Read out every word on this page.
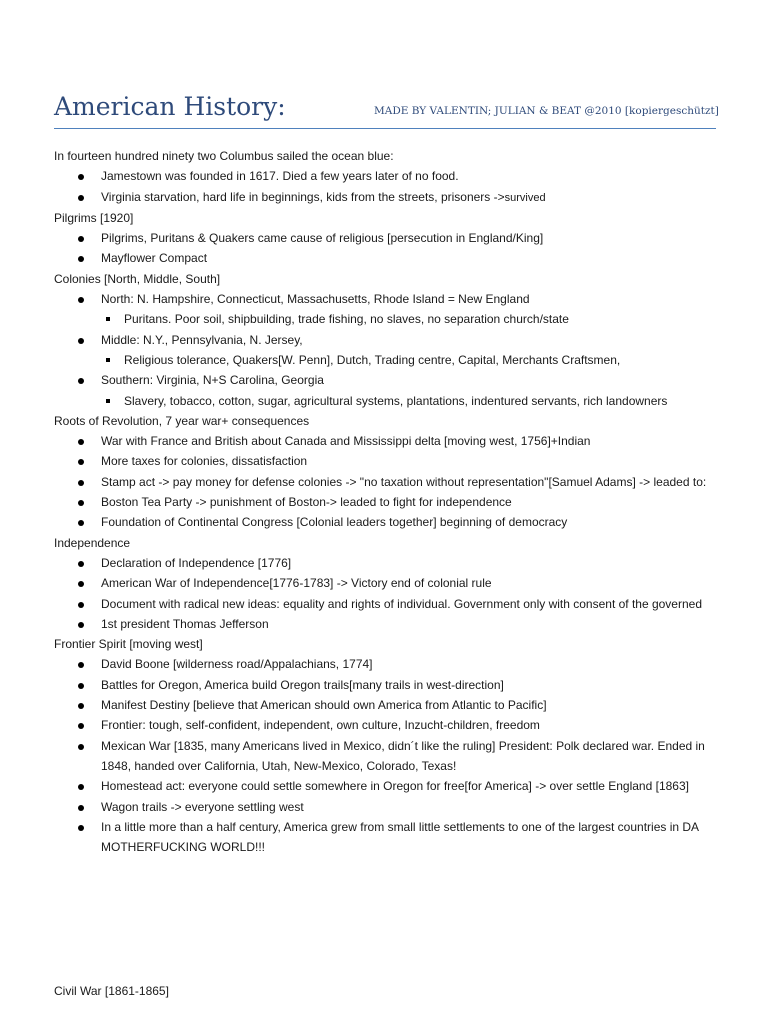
American History:	MADE BY VALENTIN; JULIAN & BEAT @2010 [kopiergeschützt]

In fourteen hundred ninety two Columbus sailed the ocean blue:

Jamestown was founded in 1617. Died a few years later of no food.
Virginia starvation, hard life in beginnings, kids from the streets, prisoners ->survived

Pilgrims [1920]

Pilgrims, Puritans & Quakers came cause of religious [persecution in England/King]
Mayflower Compact

Colonies [North, Middle, South]

North: N. Hampshire, Connecticut, Massachusetts, Rhode Island = New England
Puritans. Poor soil, shipbuilding, trade fishing, no slaves, no separation church/state
Middle: N.Y., Pennsylvania, N. Jersey,
Religious tolerance, Quakers[W. Penn], Dutch, Trading centre, Capital, Merchants Craftsmen,
Southern: Virginia, N+S Carolina, Georgia
Slavery, tobacco, cotton, sugar, agricultural systems, plantations, indentured servants, rich landowners

Roots of Revolution, 7 year war+ consequences

War with France and British about Canada and Mississippi delta [moving west, 1756]+Indian
More taxes for colonies, dissatisfaction
Stamp act -> pay money for defense colonies -> "no taxation without representation"[Samuel Adams] -> leaded to:
Boston Tea Party -> punishment of Boston-> leaded to fight for independence
Foundation of Continental Congress [Colonial leaders together] beginning of democracy

Independence

Declaration of Independence [1776]
American War of Independence[1776-1783] -> Victory end of colonial rule
Document with radical new ideas: equality and rights of individual. Government only with consent of the governed
1st president Thomas Jefferson

Frontier Spirit [moving west]

David Boone [wilderness road/Appalachians, 1774]
Battles for Oregon, America build Oregon trails[many trails in west-direction]
Manifest Destiny [believe that American should own America from Atlantic to Pacific]
Frontier: tough, self-confident, independent, own culture, Inzucht-children, freedom
Mexican War [1835, many Americans lived in Mexico, didn´t like the ruling] President: Polk declared war. Ended in 1848, handed over California, Utah, New-Mexico, Colorado, Texas!
Homestead act: everyone could settle somewhere in Oregon for free[for America] -> over settle England [1863]
Wagon trails -> everyone settling west
In a little more than a half century, America grew from small little settlements to one of the largest countries in DA MOTHERFUCKING WORLD!!!
Civil War [1861-1865]
